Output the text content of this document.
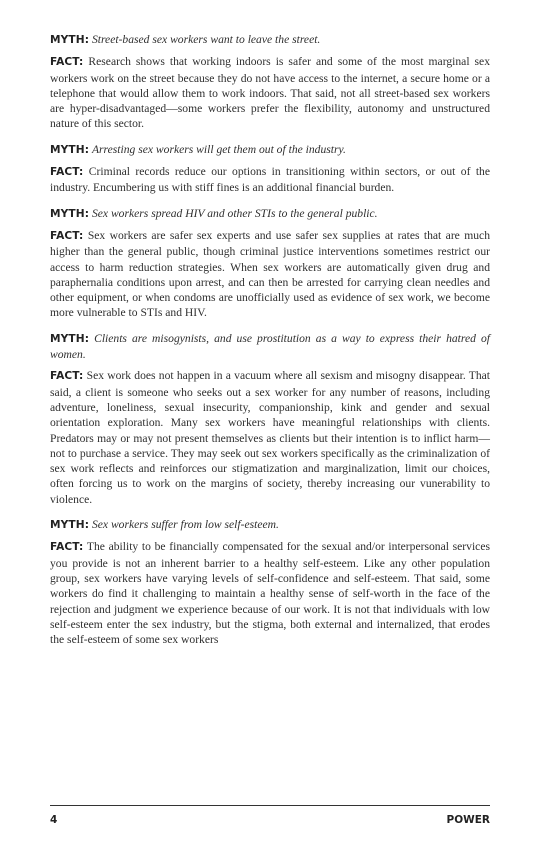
MYTH: Street-based sex workers want to leave the street.

FACT: Research shows that working indoors is safer and some of the most marginal sex workers work on the street because they do not have access to the internet, a secure home or a telephone that would allow them to work indoors. That said, not all street-based sex workers are hyper-disadvantaged—some workers prefer the flexibility, autonomy and unstructured nature of this sector.

MYTH: Arresting sex workers will get them out of the industry.

FACT: Criminal records reduce our options in transitioning within sectors, or out of the industry. Encumbering us with stiff fines is an additional financial burden.

MYTH: Sex workers spread HIV and other STIs to the general public.

FACT: Sex workers are safer sex experts and use safer sex supplies at rates that are much higher than the general public, though criminal justice interventions sometimes restrict our access to harm reduction strategies. When sex workers are automatically given drug and paraphernalia conditions upon arrest, and can then be arrested for carrying clean needles and other equipment, or when condoms are unofficially used as evidence of sex work, we become more vulnerable to STIs and HIV.

MYTH: Clients are misogynists, and use prostitution as a way to express their hatred of women.

FACT: Sex work does not happen in a vacuum where all sexism and misogny disappear. That said, a client is someone who seeks out a sex worker for any number of reasons, including adventure, loneliness, sexual insecurity, companionship, kink and gender and sexual orientation exploration. Many sex workers have meaningful relationships with clients. Predators may or may not present themselves as clients but their intention is to inflict harm—not to purchase a service. They may seek out sex workers specifically as the criminalization of sex work reflects and reinforces our stigmatization and marginalization, limit our choices, often forcing us to work on the margins of society, thereby increasing our vunerability to violence.

MYTH: Sex workers suffer from low self-esteem.

FACT: The ability to be financially compensated for the sexual and/or interpersonal services you provide is not an inherent barrier to a healthy self-esteem. Like any other population group, sex workers have varying levels of self-confidence and self-esteem. That said, some workers do find it challenging to maintain a healthy sense of self-worth in the face of the rejection and judgment we experience because of our work. It is not that individuals with low self-esteem enter the sex industry, but the stigma, both external and internalized, that erodes the self-esteem of some sex workers

4	POWER
